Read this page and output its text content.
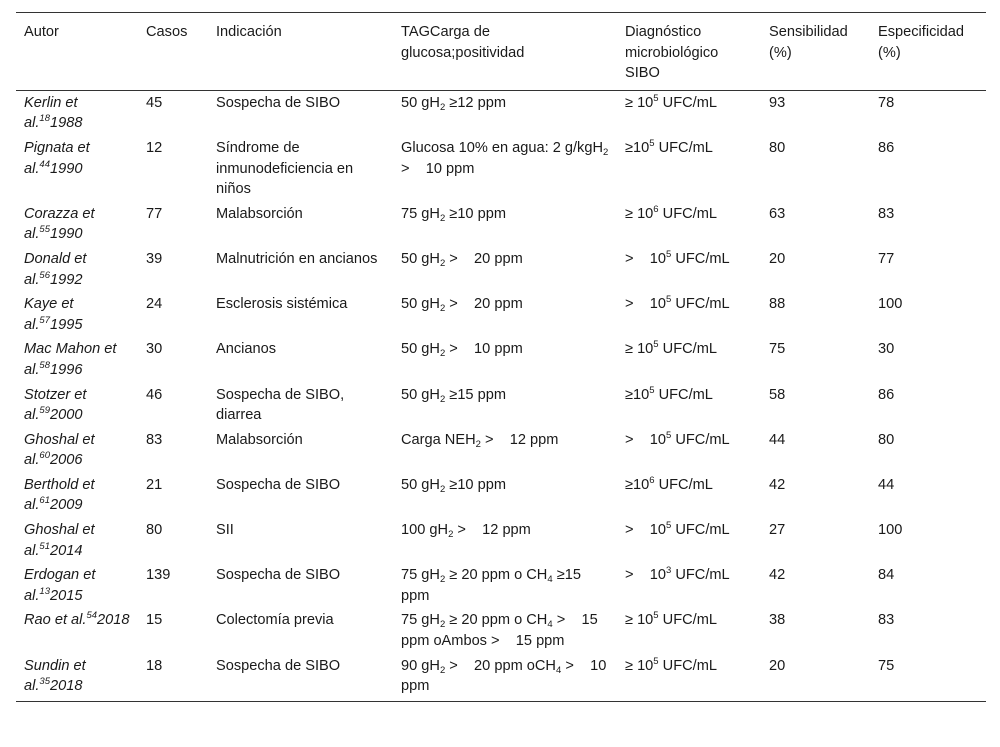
Autor	Casos	Indicación	TAGCarga de glucosa;positividad	Diagnóstico microbiológico SIBO	Sensibilidad (%)	Especificidad (%)
Kerlin et al.$^{18}$1988	45	Sospecha de SIBO	50 $gH_2 \ge 12$ ppm	≥ $10^5$ UFC/mL	93	78
Pignata et al.$^{44}$1990	12	Síndrome de inmunodeficiencia en niños	Glucosa 10% en agua: 2 g/kgH$_2$ >    10 ppm	$\ge 10^5$ UFC/mL	80	86
Corazza et al.$^{55}$1990	77	Malabsorción	75 $gH_2 \ge 10$ ppm	≥ $10^6$ UFC/mL	63	83
Donald et al.$^{56}$1992	39	Malnutrición en ancianos	50 $gH_2$ >    20 ppm	>    $10^5$ UFC/mL	20	77
Kaye et al.$^{57}$1995	24	Esclerosis sistémica	50 $gH_2$ >    20 ppm	>    $10^5$ UFC/mL	88	100
Mac Mahon et al.$^{58}$1996	30	Ancianos	50 $gH_2$ >    10 ppm	≥ $10^5$ UFC/mL	75	30
Stotzer et al.$^{59}$2000	46	Sospecha de SIBO, diarrea	50 $gH_2 \ge 15$ ppm	$\ge 10^5$ UFC/mL	58	86
Ghoshal et al.$^{60}$2006	83	Malabsorción	Carga $NEH_2$ >    12 ppm	>    $10^5$ UFC/mL	44	80
Berthold et al.$^{61}$2009	21	Sospecha de SIBO	50 $gH_2 \ge 10$ ppm	$\ge 10^6$ UFC/mL	42	44
Ghoshal et al.$^{51}$2014	80	SII	100 $gH_2$ >    12 ppm	>    $10^5$ UFC/mL	27	100
Erdogan et al.$^{13}$2015	139	Sospecha de SIBO	75 $gH_2 \ge 20$ ppm o $CH_4 \ge 15$ ppm	>    $10^3$ UFC/mL	42	84
Rao et al.$^{54}$2018	15	Colectomía previa	75 $gH_2 \ge 20$ ppm o $CH_4$ >    15 ppm oAmbos >    15 ppm	≥ $10^5$ UFC/mL	38	83
Sundin et al.$^{35}$2018	18	Sospecha de SIBO	90 $gH_2$ >    20 ppm oCH$_4$ >    10 ppm	≥ $10^5$ UFC/mL	20	75
